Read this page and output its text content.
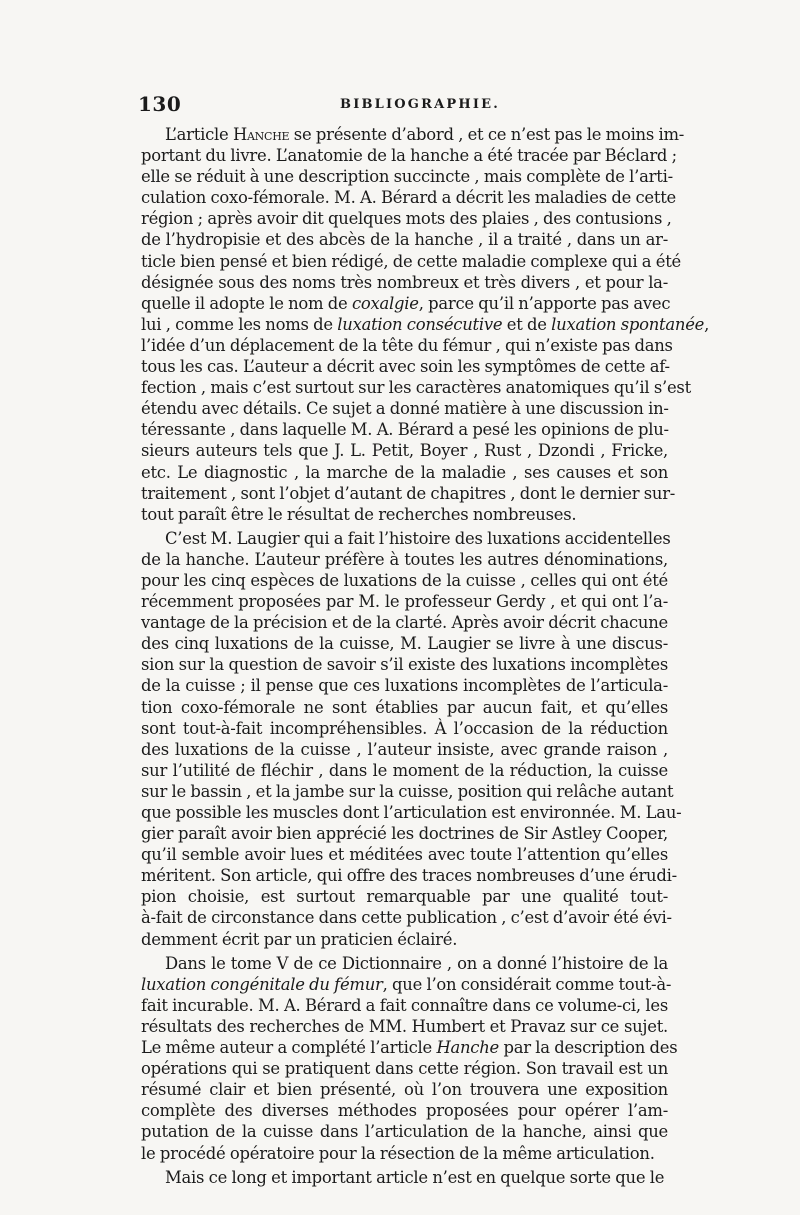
130	BIBLIOGRAPHIE.
L’article Hanche se présente d’abord , et ce n’est pas le moins im-
portant du livre. L’anatomie de la hanche a été tracée par Béclard ;
elle se réduit à une description succincte , mais complète de l’arti-
culation coxo-fémorale. M. A. Bérard a décrit les maladies de cette
région ; après avoir dit quelques mots des plaies , des contusions ,
de l’hydropisie et des abcès de la hanche , il a traité , dans un ar-
ticle bien pensé et bien rédigé, de cette maladie complexe qui a été
désignée sous des noms très nombreux et très divers , et pour la-
quelle il adopte le nom de coxalgie, parce qu’il n’apporte pas avec
lui , comme les noms de luxation consécutive et de luxation spontanée,
l’idée d’un déplacement de la tête du fémur , qui n’existe pas dans
tous les cas. L’auteur a décrit avec soin les symptômes de cette af-
fection , mais c’est surtout sur les caractères anatomiques qu’il s’est
étendu avec détails. Ce sujet a donné matière à une discussion in-
téressante , dans laquelle M. A. Bérard a pesé les opinions de plu-
sieurs auteurs tels que J. L. Petit, Boyer , Rust , Dzondi , Fricke,
etc. Le diagnostic , la marche de la maladie , ses causes et son
traitement , sont l’objet d’autant de chapitres , dont le dernier sur-
tout paraît être le résultat de recherches nombreuses.
C’est M. Laugier qui a fait l’histoire des luxations accidentelles
de la hanche. L’auteur préfère à toutes les autres dénominations,
pour les cinq espèces de luxations de la cuisse , celles qui ont été
récemment proposées par M. le professeur Gerdy , et qui ont l’a-
vantage de la précision et de la clarté. Après avoir décrit chacune
des cinq luxations de la cuisse, M. Laugier se livre à une discus-
sion sur la question de savoir s’il existe des luxations incomplètes
de la cuisse ; il pense que ces luxations incomplètes de l’articula-
tion coxo-fémorale ne sont établies par aucun fait, et qu’elles
sont tout-à-fait incompréhensibles. À l’occasion de la réduction
des luxations de la cuisse , l’auteur insiste, avec grande raison ,
sur l’utilité de fléchir , dans le moment de la réduction, la cuisse
sur le bassin , et la jambe sur la cuisse, position qui relâche autant
que possible les muscles dont l’articulation est environnée. M. Lau-
gier paraît avoir bien apprécié les doctrines de Sir Astley Cooper,
qu’il semble avoir lues et méditées avec toute l’attention qu’elles
méritent. Son article, qui offre des traces nombreuses d’une érudi-
pion choisie, est surtout remarquable par une qualité tout-
à-fait de circonstance dans cette publication , c’est d’avoir été évi-
demment écrit par un praticien éclairé.
Dans le tome V de ce Dictionnaire , on a donné l’histoire de la
luxation congénitale du fémur, que l’on considérait comme tout-à-
fait incurable. M. A. Bérard a fait connaître dans ce volume-ci, les
résultats des recherches de MM. Humbert et Pravaz sur ce sujet.
Le même auteur a complété l’article Hanche par la description des
opérations qui se pratiquent dans cette région. Son travail est un
résumé clair et bien présenté, où l’on trouvera une exposition
complète des diverses méthodes proposées pour opérer l’am-
putation de la cuisse dans l’articulation de la hanche, ainsi que
le procédé opératoire pour la résection de la même articulation.
Mais ce long et important article n’est en quelque sorte que le
